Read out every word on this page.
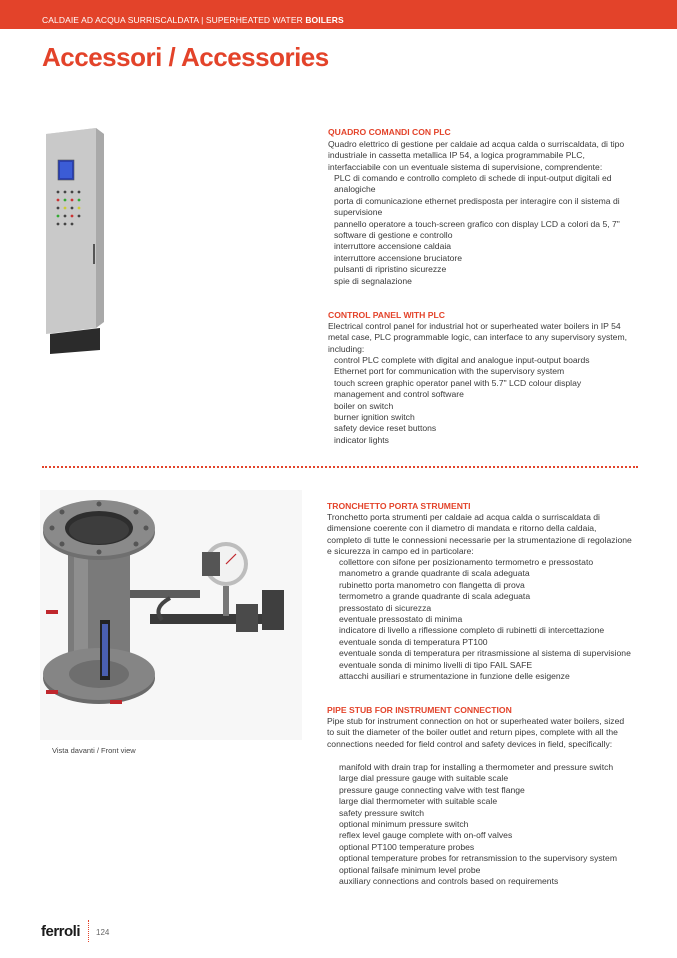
CALDAIE AD ACQUA SURRISCALDATA | SUPERHEATED WATER BOILERS
Accessori / Accessories
QUADRO COMANDI CON PLC

Quadro elettrico di gestione per caldaie ad acqua calda o surriscaldata, di tipo industriale in cassetta metallica IP 54, a logica programmabile PLC, interfacciabile con un eventuale sistema di supervisione, comprendente:

PLC di comando e controllo completo di schede di input-output digitali ed analogiche
porta di comunicazione ethernet predisposta per interagire con il sistema di supervisione
pannello operatore a touch-screen grafico con display LCD a colori da 5, 7"
software di gestione e controllo
interruttore accensione caldaia
interruttore accensione bruciatore
pulsanti di ripristino sicurezze
spie di segnalazione
CONTROL PANEL WITH PLC

Electrical control panel for industrial hot or superheated water boilers in IP 54 metal case, PLC programmable logic, can interface to any supervisory system, including:

control PLC complete with digital and analogue input-output boards
Ethernet port for communication with the supervisory system
touch screen graphic operator panel with 5.7" LCD colour display
management and control software
boiler on switch
burner ignition switch
safety device reset buttons
indicator lights
Vista davanti / Front view
TRONCHETTO PORTA STRUMENTI

Tronchetto porta strumenti per caldaie ad acqua calda o surriscaldata di dimensione coerente con il diametro di mandata e ritorno della caldaia, completo di tutte le connessioni necessarie per la strumentazione di regolazione e sicurezza in campo ed in particolare:

collettore con sifone per posizionamento termometro e pressostato
manometro a grande quadrante di scala adeguata
rubinetto porta manometro con flangetta di prova
termometro a grande quadrante di scala adeguata
pressostato di sicurezza
eventuale pressostato di minima
indicatore di livello a riflessione completo di rubinetti di intercettazione
eventuale sonda di temperatura PT100
eventuale sonda di temperatura per ritrasmissione al sistema di supervisione
eventuale sonda di minimo livelli di tipo FAIL SAFE
attacchi ausiliari e strumentazione in funzione delle esigenze
PIPE STUB FOR INSTRUMENT CONNECTION

Pipe stub for instrument connection on hot or superheated water boilers, sized to suit the diameter of the boiler outlet and return pipes, complete with all the connections needed for field control and safety devices in field, specifically:

manifold with drain trap for installing a thermometer and pressure switch
large dial pressure gauge with suitable scale
pressure gauge connecting valve with test flange
large dial thermometer with suitable scale
safety pressure switch
optional minimum pressure switch
reflex level gauge complete with on-off valves
optional PT100 temperature probes
optional temperature probes for retransmission to the supervisory system
optional failsafe minimum level probe
auxiliary connections and controls based on requirements
ferroli 124
